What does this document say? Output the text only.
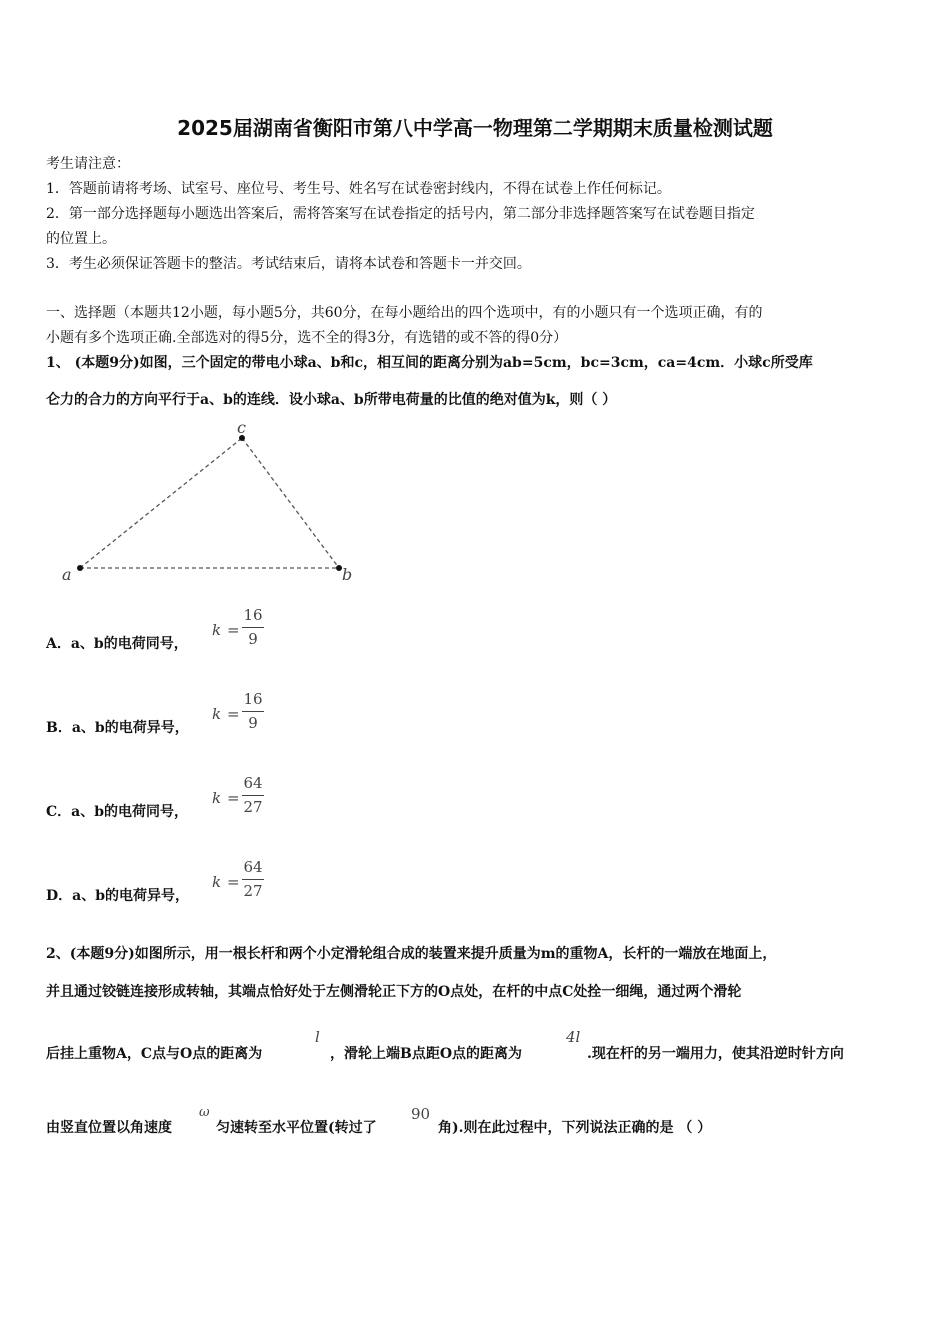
2025届湖南省衡阳市第八中学高一物理第二学期期末质量检测试题
考生请注意：
1．答题前请将考场、试室号、座位号、考生号、姓名写在试卷密封线内，不得在试卷上作任何标记。
2．第一部分选择题每小题选出答案后，需将答案写在试卷指定的括号内，第二部分非选择题答案写在试卷题目指定
的位置上。
3．考生必须保证答题卡的整洁。考试结束后，请将本试卷和答题卡一并交回。
一、选择题（本题共12小题，每小题5分，共60分，在每小题给出的四个选项中，有的小题只有一个选项正确，有的
小题有多个选项正确.全部选对的得5分，选不全的得3分，有选错的或不答的得0分）
1、 (本题9分)如图，三个固定的带电小球a、b和c，相互间的距离分别为ab=5cm，bc=3cm，ca=4cm．小球c所受库
仑力的合力的方向平行于a、b的连线．设小球a、b所带电荷量的比值的绝对值为k，则（ ）
a	b
c
A．a、b的电荷同号，
k =
16
9
B．a、b的电荷异号，
k =
16
9
C．a、b的电荷同号，
k =
64
27
D．a、b的电荷异号，
k =
64
27
2、(本题9分)如图所示，用一根长杆和两个小定滑轮组合成的装置来提升质量为m的重物A，长杆的一端放在地面上，
并且通过铰链连接形成转轴，其端点恰好处于左侧滑轮正下方的O点处，在杆的中点C处拴一细绳，通过两个滑轮
后挂上重物A，C点与O点的距离为
l
，滑轮上端B点距O点的距离为
4l
.现在杆的另一端用力，使其沿逆时针方向
由竖直位置以角速度
ω
匀速转至水平位置(转过了
90
角).则在此过程中，下列说法正确的是 （ ）
